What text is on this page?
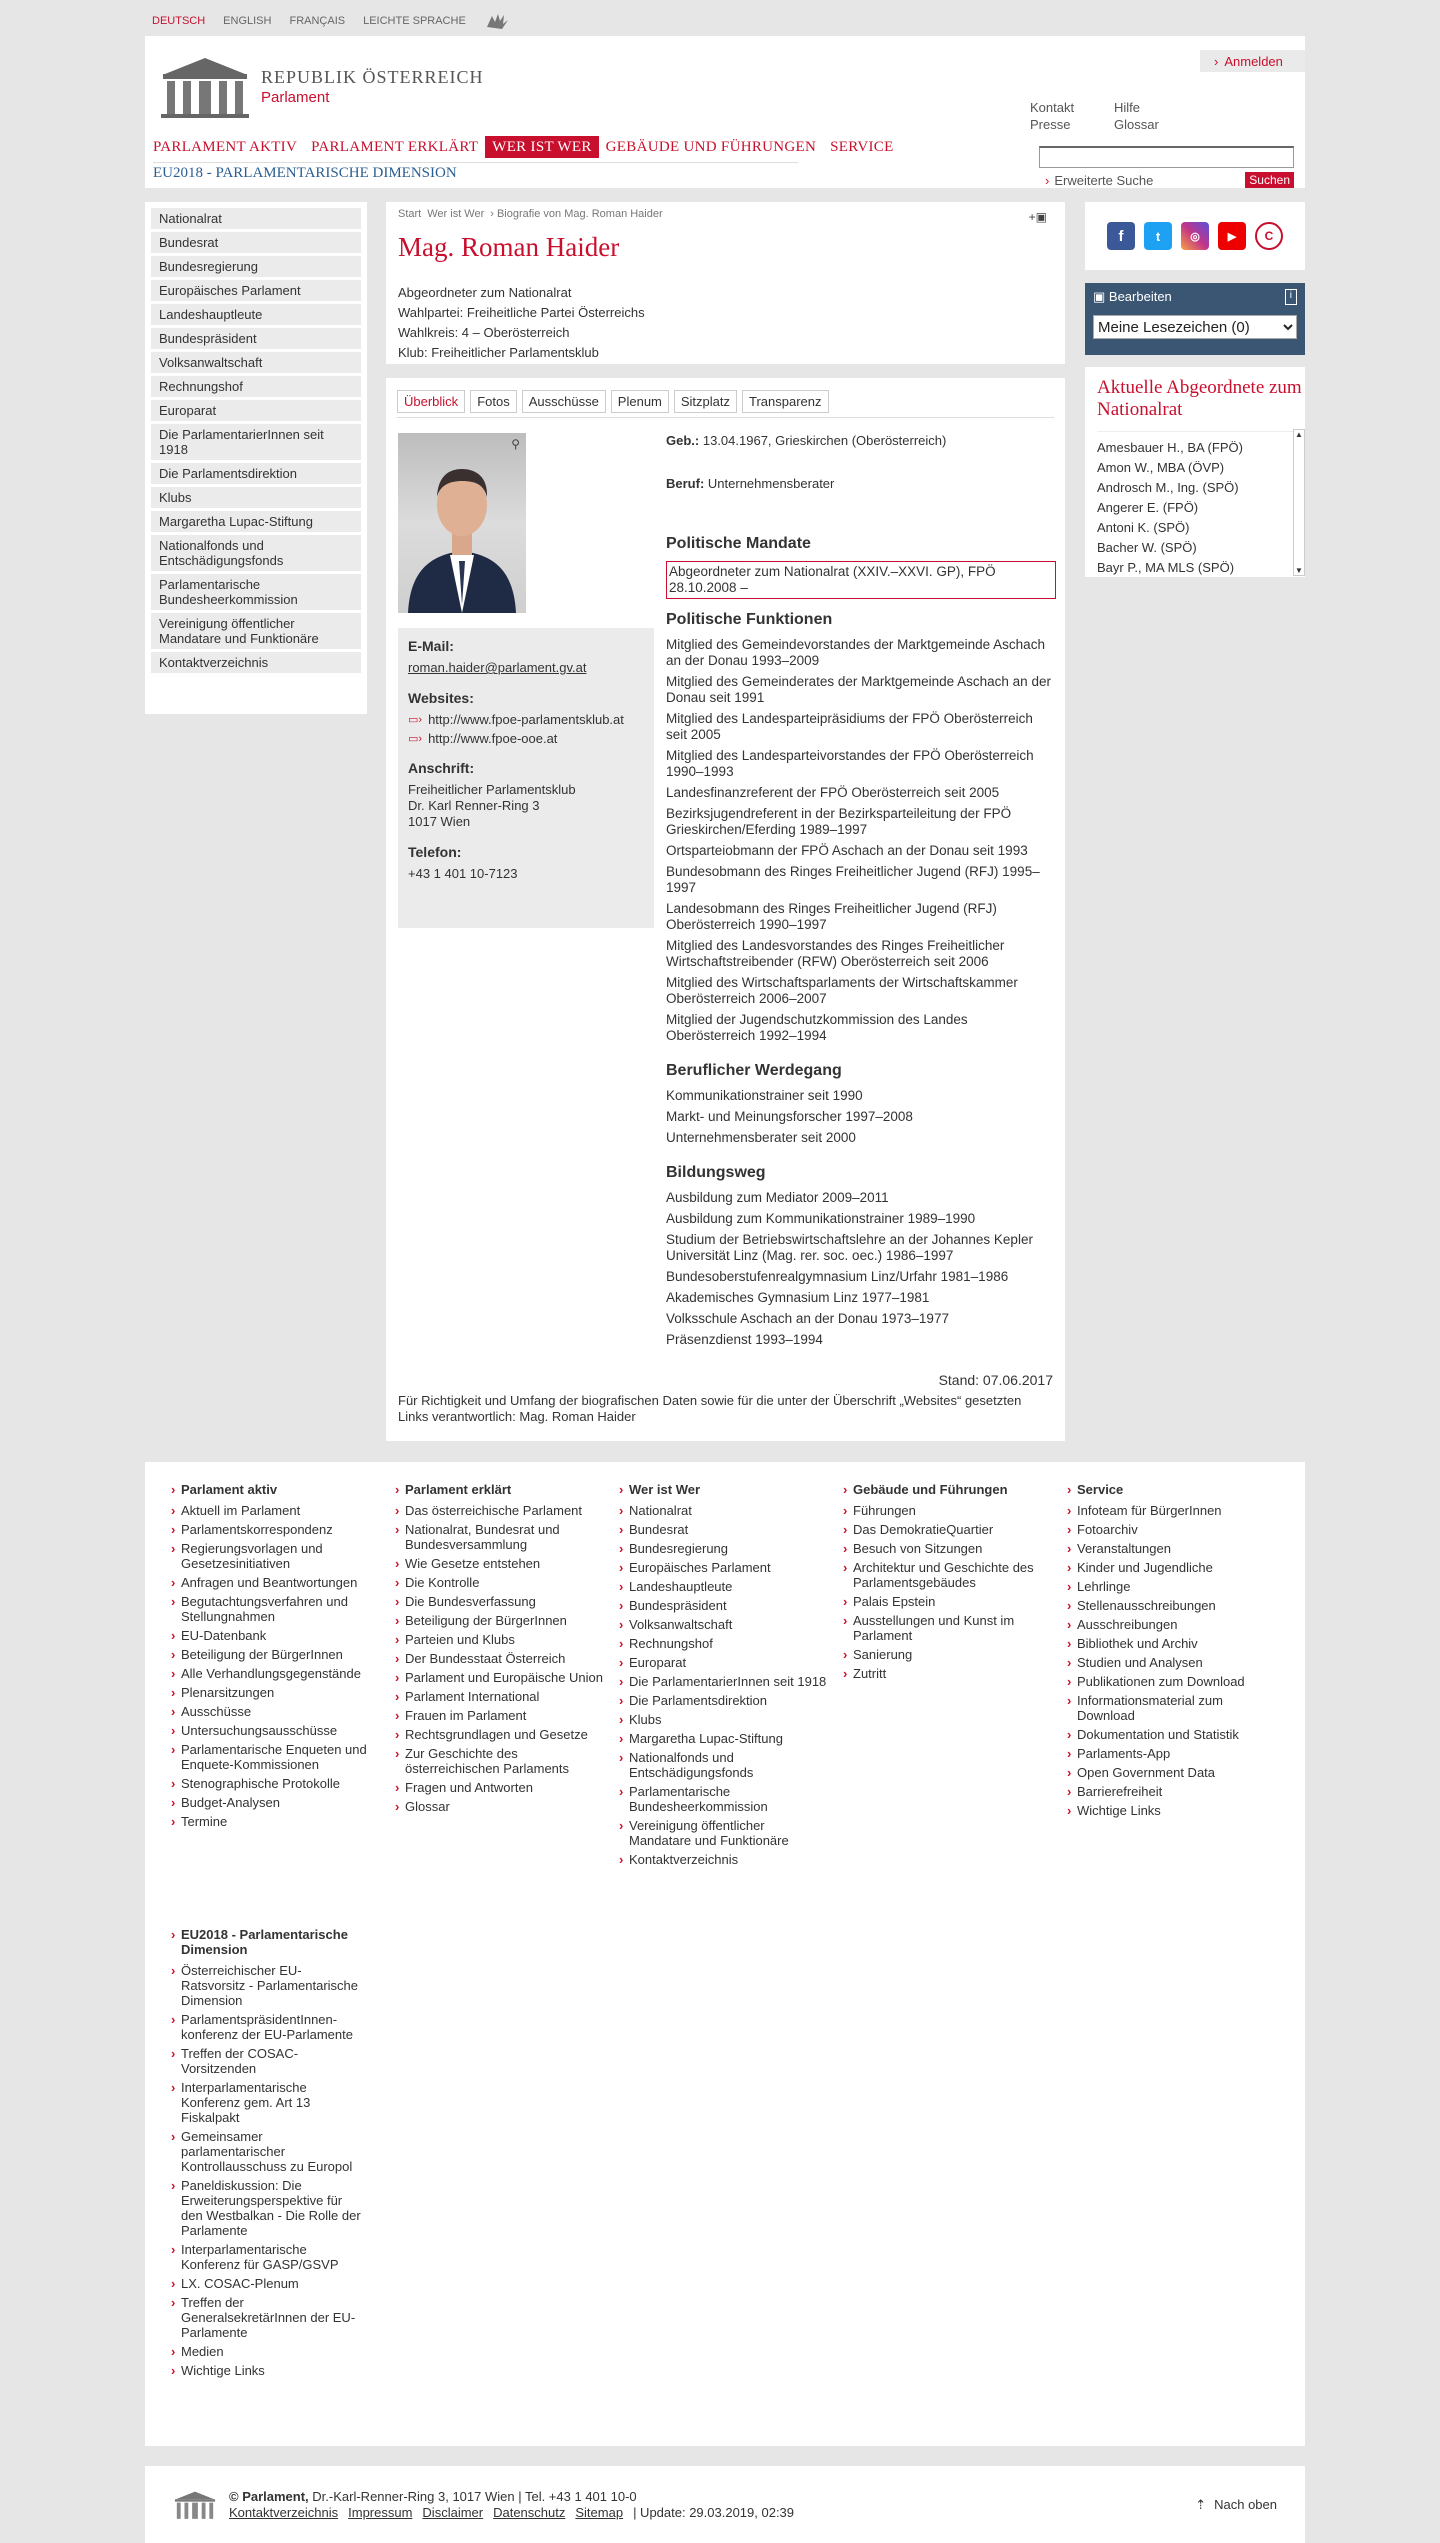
DEUTSCH ENGLISH FRANÇAIS LEICHTE SPRACHE
REPUBLIK ÖSTERREICH
Parlament
› Anmelden
Kontakt	Hilfe
Presse	Glossar
PARLAMENT AKTIV PARLAMENT ERKLÄRT WER IST WER GEBÄUDE UND FÜHRUNGEN SERVICE
EU2018 - PARLAMENTARISCHE DIMENSION	› Erweiterte Suche	Suchen
Nationalrat
Bundesrat
Bundesregierung
Europäisches Parlament
Landeshauptleute
Bundespräsident
Volksanwaltschaft
Rechnungshof
Europarat
Die ParlamentarierInnen seit 1918
Die Parlamentsdirektion
Klubs
Margaretha Lupac-Stiftung
Nationalfonds und Entschädigungsfonds
Parlamentarische Bundesheerkommission
Vereinigung öffentlicher Mandatare und Funktionäre
Kontaktverzeichnis
Start Wer ist Wer
›	Biografie von Mag. Roman Haider	+▣
Mag. Roman Haider
Abgeordneter zum Nationalrat
Wahlpartei: Freiheitliche Partei Österreichs
Wahlkreis: 4 – Oberösterreich
Klub: Freiheitlicher Parlamentsklub
Überblick	Fotos	Ausschüsse	Plenum	Sitzplatz	Transparenz
⚲
E-Mail:

roman.haider@parlament.gv.at

Websites:
▭› http://www.fpoe-parlamentsklub.at
▭› http://www.fpoe-ooe.at
Anschrift:

Freiheitlicher Parlamentsklub
Dr. Karl Renner-Ring 3
1017 Wien

Telefon:

+43 1 401 10-7123

Geb.: 13.04.1967, Grieskirchen (Oberösterreich)
Beruf: Unternehmensberater
Politische Mandate
Abgeordneter zum Nationalrat (XXIV.–XXVI. GP), FPÖ 28.10.2008 –
Politische Funktionen
Mitglied des Gemeindevorstandes der Marktgemeinde Aschach an der Donau 1993–2009
Mitglied des Gemeinderates der Marktgemeinde Aschach an der Donau seit 1991
Mitglied des Landesparteipräsidiums der FPÖ Oberösterreich seit 2005
Mitglied des Landesparteivorstandes der FPÖ Oberösterreich 1990–1993
Landesfinanzreferent der FPÖ Oberösterreich seit 2005
Bezirksjugendreferent in der Bezirksparteileitung der FPÖ Grieskirchen/Eferding 1989–1997
Ortsparteiobmann der FPÖ Aschach an der Donau seit 1993
Bundesobmann des Ringes Freiheitlicher Jugend (RFJ) 1995–1997
Landesobmann des Ringes Freiheitlicher Jugend (RFJ) Oberösterreich 1990–1997
Mitglied des Landesvorstandes des Ringes Freiheitlicher Wirtschaftstreibender (RFW) Oberösterreich seit 2006
Mitglied des Wirtschaftsparlaments der Wirtschaftskammer Oberösterreich 2006–2007
Mitglied der Jugendschutzkommission des Landes Oberösterreich 1992–1994
Beruflicher Werdegang
Kommunikationstrainer seit 1990
Markt- und Meinungsforscher 1997–2008
Unternehmensberater seit 2000
Bildungsweg
Ausbildung zum Mediator 2009–2011
Ausbildung zum Kommunikationstrainer 1989–1990
Studium der Betriebswirtschaftslehre an der Johannes Kepler Universität Linz (Mag. rer. soc. oec.) 1986–1997
Bundesoberstufenrealgymnasium Linz/Urfahr 1981–1986
Akademisches Gymnasium Linz 1977–1981
Volksschule Aschach an der Donau 1973–1977
Präsenzdienst 1993–1994
Stand: 07.06.2017
Für Richtigkeit und Umfang der biografischen Daten sowie für die unter der Überschrift „Websites“ gesetzten Links verantwortlich: Mag. Roman Haider
f	t	◎	▶	C
▣ Bearbeiten	i
Meine Lesezeichen (0)
Aktuelle Abgeordnete zum Nationalrat
Amesbauer H., BA (FPÖ)
Amon W., MBA (ÖVP)
Androsch M., Ing. (SPÖ)
Angerer E. (FPÖ)
Antoni K. (SPÖ)
Bacher W. (SPÖ)
Bayr P., MA MLS (SPÖ)
▲
▼
› Parlament aktiv
› Aktuell im Parlament
› Parlamentskorrespondenz
› Regierungsvorlagen und Gesetzesinitiativen
› Anfragen und Beantwortungen
› Begutachtungsverfahren und Stellungnahmen
› EU-Datenbank
› Beteiligung der BürgerInnen
› Alle Verhandlungsgegenstände
› Plenarsitzungen
› Ausschüsse
› Untersuchungsausschüsse
› Parlamentarische Enqueten und Enquete-Kommissionen
› Stenographische Protokolle
› Budget-Analysen
› Termine
› Parlament erklärt
› Das österreichische Parlament
› Nationalrat, Bundesrat und Bundesversammlung
› Wie Gesetze entstehen
› Die Kontrolle
› Die Bundesverfassung
› Beteiligung der BürgerInnen
› Parteien und Klubs
› Der Bundesstaat Österreich
› Parlament und Europäische Union
› Parlament International
› Frauen im Parlament
› Rechtsgrundlagen und Gesetze
› Zur Geschichte des österreichischen Parlaments
› Fragen und Antworten
› Glossar
› Wer ist Wer
› Nationalrat
› Bundesrat
› Bundesregierung
› Europäisches Parlament
› Landeshauptleute
› Bundespräsident
› Volksanwaltschaft
› Rechnungshof
› Europarat
› Die ParlamentarierInnen seit 1918
› Die Parlamentsdirektion
› Klubs
› Margaretha Lupac-Stiftung
› Nationalfonds und Entschädigungsfonds
› Parlamentarische Bundesheerkommission
› Vereinigung öffentlicher Mandatare und Funktionäre
› Kontaktverzeichnis
› Gebäude und Führungen
› Führungen
› Das DemokratieQuartier
› Besuch von Sitzungen
› Architektur und Geschichte des Parlamentsgebäudes
› Palais Epstein
› Ausstellungen und Kunst im Parlament
› Sanierung
› Zutritt
› Service
› Infoteam für BürgerInnen
› Fotoarchiv
› Veranstaltungen
› Kinder und Jugendliche
› Lehrlinge
› Stellenausschreibungen
› Ausschreibungen
› Bibliothek und Archiv
› Studien und Analysen
› Publikationen zum Download
› Informationsmaterial zum Download
› Dokumentation und Statistik
› Parlaments-App
› Open Government Data
› Barrierefreiheit
› Wichtige Links
› EU2018 - Parlamentarische Dimension
› Österreichischer EU-Ratsvorsitz - Parlamentarische Dimension
› ParlamentspräsidentInnen-konferenz der EU-Parlamente
› Treffen der COSAC-Vorsitzenden
› Interparlamentarische Konferenz gem. Art 13 Fiskalpakt
› Gemeinsamer parlamentarischer Kontrollausschuss zu Europol
› Paneldiskussion: Die Erweiterungsperspektive für den Westbalkan - Die Rolle der Parlamente
› Interparlamentarische Konferenz für GASP/GSVP
› LX. COSAC-Plenum
› Treffen der GeneralsekretärInnen der EU-Parlamente
› Medien
› Wichtige Links
© Parlament, Dr.-Karl-Renner-Ring 3, 1017 Wien | Tel. +43 1 401 10-0
Kontaktverzeichnis Impressum Disclaimer Datenschutz Sitemap | Update: 29.03.2019, 02:39
⇡ Nach oben
